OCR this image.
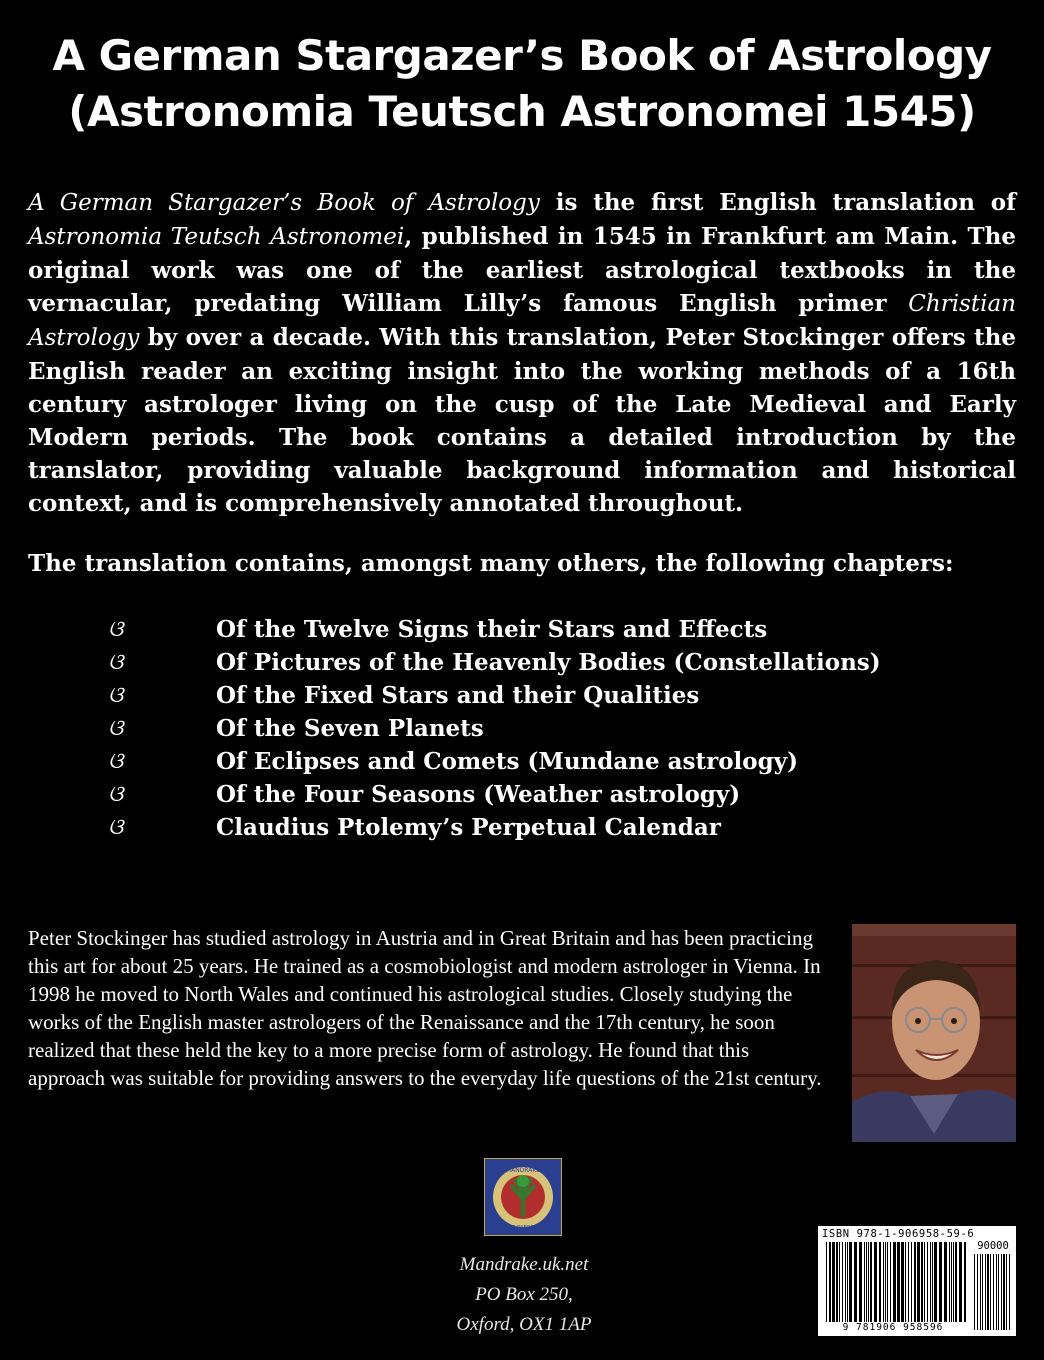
A German Stargazer’s Book of Astrology
(Astronomia Teutsch Astronomei 1545)
A German Stargazer’s Book of Astrology is the first English translation of Astronomia Teutsch Astronomei, published in 1545 in Frankfurt am Main. The original work was one of the earliest astrological textbooks in the vernacular, predating William Lilly’s famous English primer Christian Astrology by over a decade. With this translation, Peter Stockinger offers the English reader an exciting insight into the working methods of a 16th century astrologer living on the cusp of the Late Medieval and Early Modern periods. The book contains a detailed introduction by the translator, providing valuable background information and historical context, and is comprehensively annotated throughout.
The translation contains, amongst many others, the following chapters:
ଓ	Of the Twelve Signs their Stars and Effects
ଓ	Of Pictures of the Heavenly Bodies (Constellations)
ଓ	Of the Fixed Stars and their Qualities
ଓ	Of the Seven Planets
ଓ	Of Eclipses and Comets (Mundane astrology)
ଓ	Of the Four Seasons (Weather astrology)
ଓ	Claudius Ptolemy’s Perpetual Calendar
Peter Stockinger has studied astrology in Austria and in Great Britain and has been practicing this art for about 25 years. He trained as a cosmobiologist and modern astrologer in Vienna. In 1998 he moved to North Wales and continued his astrological studies. Closely studying the works of the English master astrologers of the Renaissance and the 17th century, he soon realized that these held the key to a more precise form of astrology. He found that this approach was suitable for providing answers to the everyday life questions of the 21st century.
MANDRAKE
OF OXFORD
Mandrake.uk.net
PO Box 250,
Oxford, OX1 1AP
ISBN 978-1-906958-59-6
90000
9 781906 958596
